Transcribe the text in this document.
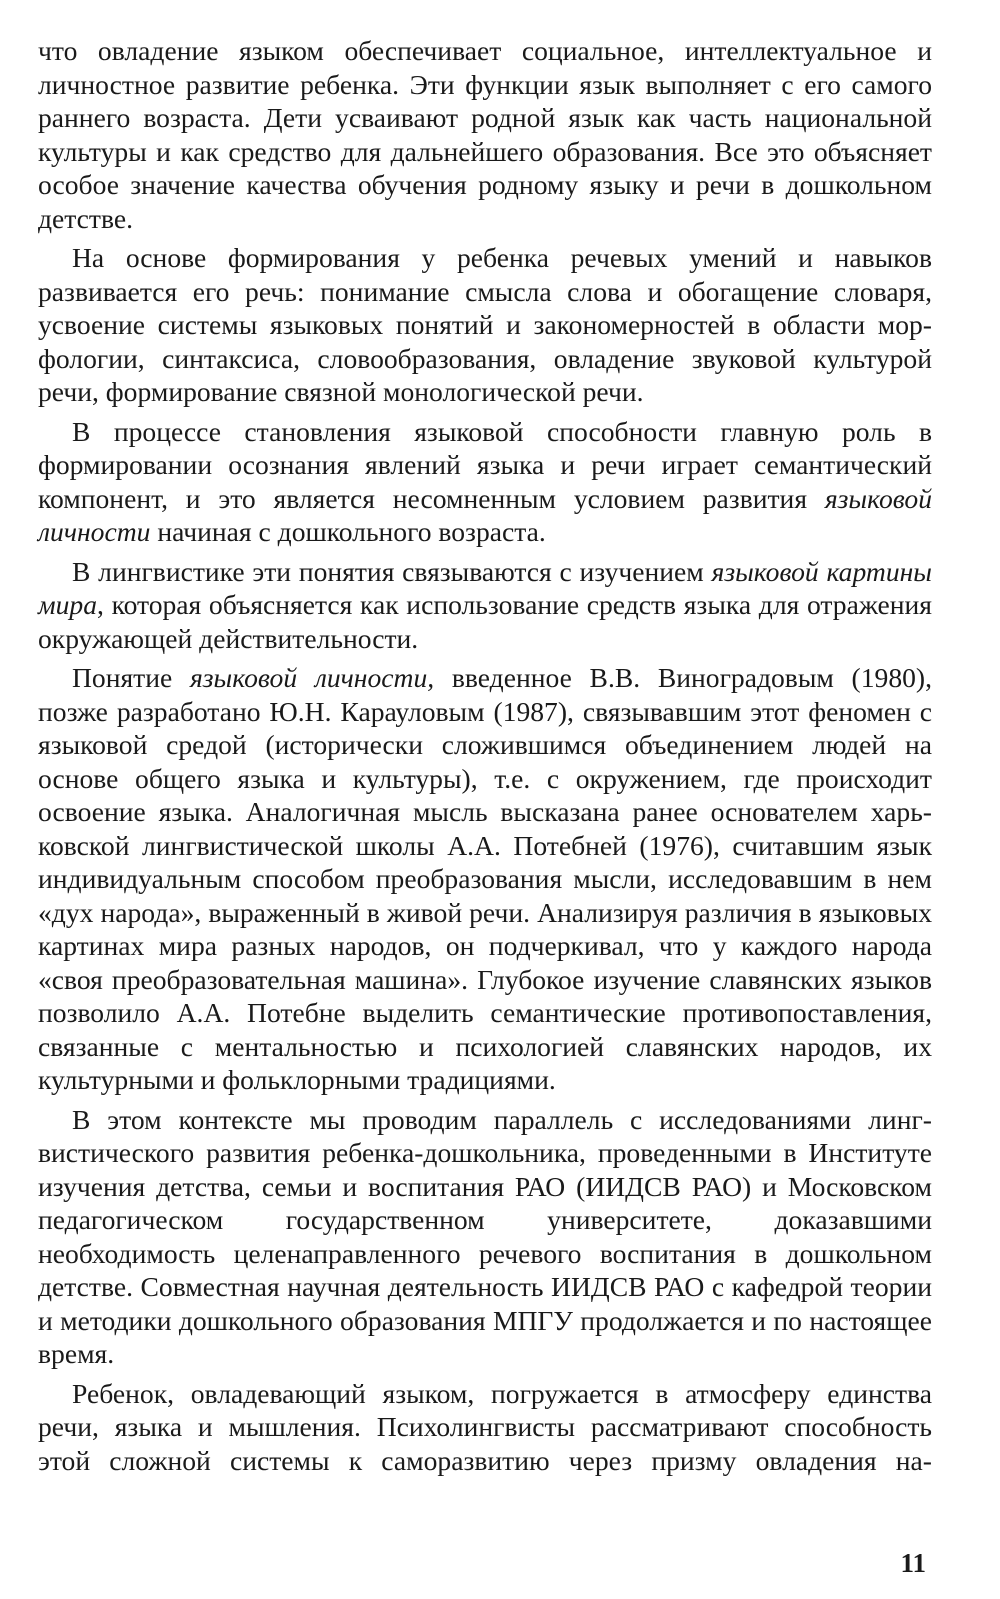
что овладение языком обеспечивает социальное, интеллектуальное и личностное развитие ребенка. Эти функции язык выполняет с его самого раннего возраста. Дети усваивают родной язык как часть национальной культуры и как средство для дальнейшего образования. Все это объясняет особое значение качества обучения родному языку и речи в дошкольном детстве.

На основе формирования у ребенка речевых умений и навыков развивается его речь: понимание смысла слова и обогащение словаря, усвоение системы языковых понятий и закономерностей в области морфологии, синтаксиса, словообразования, овладение звуковой культурой речи, формирование связной монологической речи.

В процессе становления языковой способности главную роль в формировании осознания явлений языка и речи играет семантический компонент, и это является несомненным условием развития языковой личности начиная с дошкольного возраста.

В лингвистике эти понятия связываются с изучением языковой картины мира, которая объясняется как использование средств языка для отражения окружающей действительности.

Понятие языковой личности, введенное В.В. Виноградовым (1980), позже разработано Ю.Н. Карауловым (1987), связывавшим этот феномен с языковой средой (исторически сложившимся объединением людей на основе общего языка и культуры), т.е. с окружением, где происходит освоение языка. Аналогичная мысль высказана ранее основателем харьковской лингвистической школы А.А. Потебней (1976), считавшим язык индивидуальным способом преобразования мысли, исследовавшим в нем «дух народа», выраженный в живой речи. Анализируя различия в языковых картинах мира разных народов, он подчеркивал, что у каждого народа «своя преобразовательная машина». Глубокое изучение славянских языков позволило А.А. Потебне выделить семантические противопоставления, связанные с ментальностью и психологией славянских народов, их культурными и фольклорными традициями.

В этом контексте мы проводим параллель с исследованиями лингвистического развития ребенка-дошкольника, проведенными в Институте изучения детства, семьи и воспитания РАО (ИИДСВ РАО) и Московском педагогическом государственном университете, доказавшими необходимость целенаправленного речевого воспитания в дошкольном детстве. Совместная научная деятельность ИИДСВ РАО с кафедрой теории и методики дошкольного образования МПГУ продолжается и по настоящее время.

Ребенок, овладевающий языком, погружается в атмосферу единства речи, языка и мышления. Психолингвисты рассматривают способность этой сложной системы к саморазвитию через призму овладения на-

11
